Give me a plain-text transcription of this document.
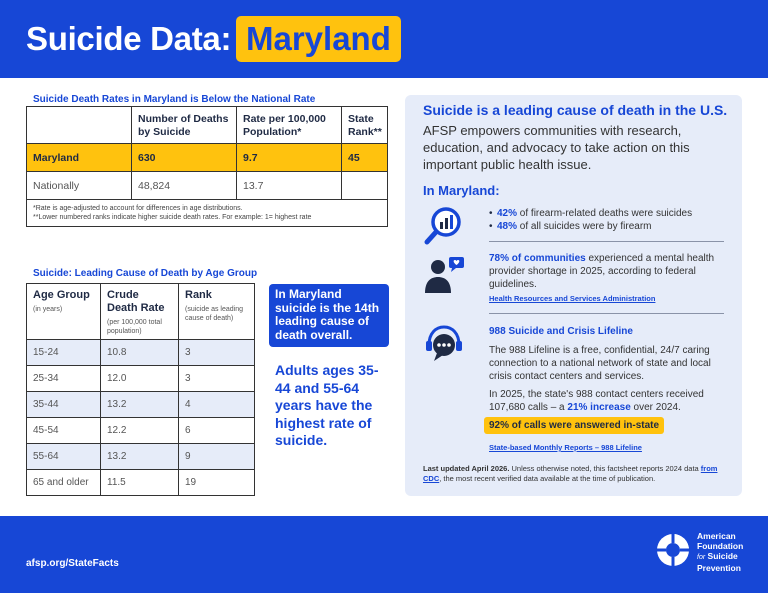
Suicide Data: Maryland
Suicide Death Rates in Maryland is Below the National Rate
Number of Deaths by Suicide
Rate per 100,000 Population*
State Rank**
Maryland	630	9.7	45
Nationally	48,824	13.7
*Rate is age-adjusted to account for differences in age distributions.
**Lower numbered ranks indicate higher suicide death rates. For example: 1= highest rate
Suicide: Leading Cause of Death by Age Group
Age Group
(in years)
Crude Death Rate
(per 100,000 total population)
Rank
(suicide as leading cause of death)
15-24	10.8	3
25-34	12.0	3
35-44	13.2	4
45-54	12.2	6
55-64	13.2	9
65 and older	11.5	19
In Maryland suicide is the 14th leading cause of death overall.
Adults ages 35-44 and 55-64 years have the highest rate of suicide.
Suicide is a leading cause of death in the U.S.
AFSP empowers communities with research, education, and advocacy to take action on this important public health issue.
In Maryland:
• 42% of firearm-related deaths were suicides
• 48% of all suicides were by firearm
78% of communities experienced a mental health provider shortage in 2025, according to federal guidelines.
Health Resources and Services Administration
988 Suicide and Crisis Lifeline
The 988 Lifeline is a free, confidential, 24/7 caring connection to a national network of state and local crisis contact centers and services.
In 2025, the state's 988 contact centers received 107,680 calls – a 21% increase over 2024.
92% of calls were answered in-state
State-based Monthly Reports – 988 Lifeline
Last updated April 2026. Unless otherwise noted, this factsheet reports 2024 data from CDC, the most recent verified data available at the time of publication.
afsp.org/StateFacts
American
Foundation
for Suicide
Prevention
